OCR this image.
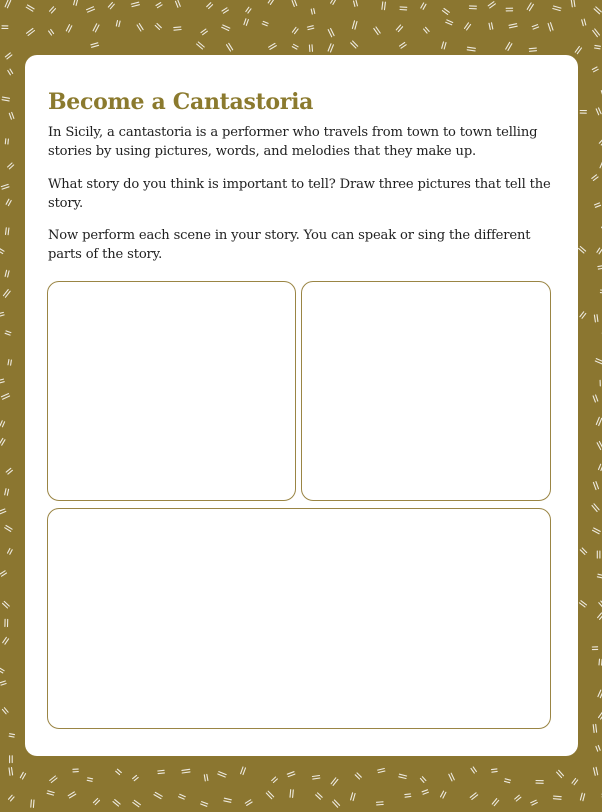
Become a Cantastoria

In Sicily, a cantastoria is a performer who travels from town to town telling stories by using pictures, words, and melodies that they make up.

What story do you think is important to tell? Draw three pictures that tell the story.

Now perform each scene in your story. You can speak or sing the different parts of the story.
